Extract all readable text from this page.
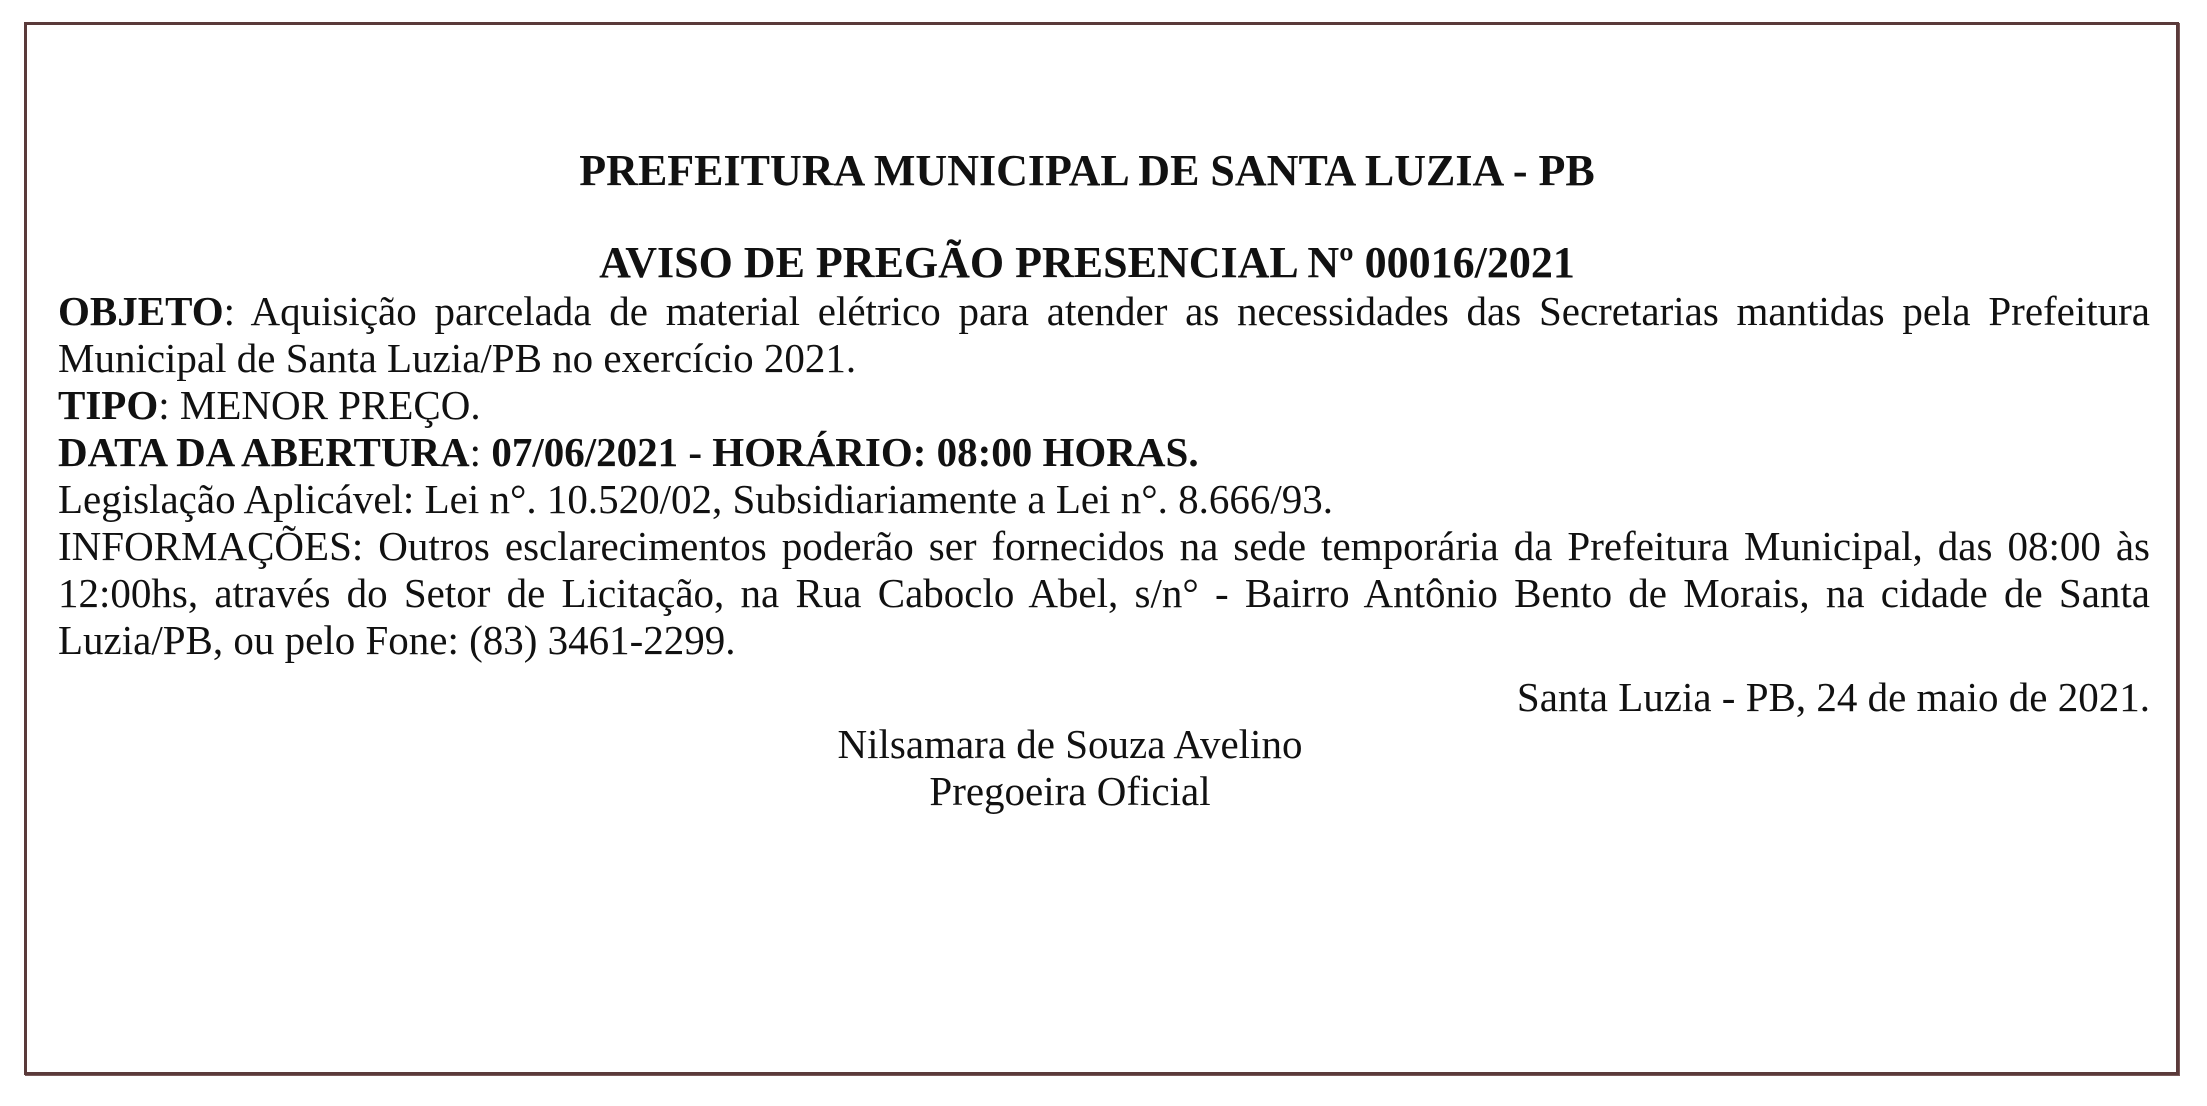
PREFEITURA MUNICIPAL DE SANTA LUZIA - PB
AVISO DE PREGÃO PRESENCIAL Nº 00016/2021

OBJETO: Aquisição parcelada de material elétrico para atender as necessidades das Secretarias mantidas pela Prefeitura Municipal de Santa Luzia/PB no exercício 2021.

TIPO: MENOR PREÇO.

DATA DA ABERTURA: 07/06/2021 - HORÁRIO: 08:00 HORAS.

Legislação Aplicável: Lei n°. 10.520/02, Subsidiariamente a Lei n°. 8.666/93.

INFORMAÇÕES: Outros esclarecimentos poderão ser fornecidos na sede temporária da Prefeitura Municipal, das 08:00 às 12:00hs, através do Setor de Licitação, na Rua Caboclo Abel, s/n° - Bairro Antônio Bento de Morais, na cidade de Santa Luzia/PB, ou pelo Fone: (83) 3461-2299.

Santa Luzia - PB, 24 de maio de 2021.
Nilsamara de Souza Avelino
Pregoeira Oficial
